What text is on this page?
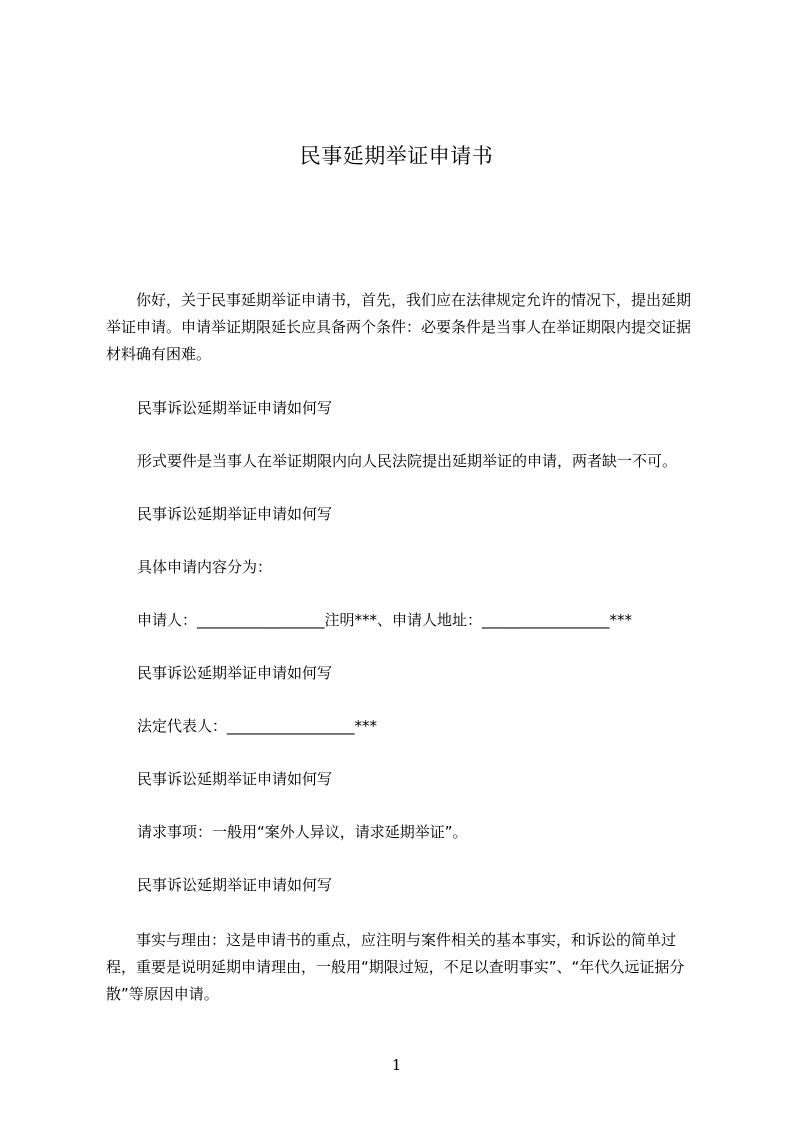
民事延期举证申请书
你好，关于民事延期举证申请书，首先，我们应在法律规定允许的情况下，提出延期举证申请。申请举证期限延长应具备两个条件：必要条件是当事人在举证期限内提交证据材料确有困难。
民事诉讼延期举证申请如何写
形式要件是当事人在举证期限内向人民法院提出延期举证的申请，两者缺一不可。
民事诉讼延期举证申请如何写
具体申请内容分为：
申请人：_________________注明***、申请人地址：_________________***
民事诉讼延期举证申请如何写
法定代表人：_________________***
民事诉讼延期举证申请如何写
请求事项：一般用“案外人异议，请求延期举证”。
民事诉讼延期举证申请如何写
事实与理由：这是申请书的重点，应注明与案件相关的基本事实，和诉讼的简单过程，重要是说明延期申请理由，一般用“期限过短，不足以查明事实”、“年代久远证据分散”等原因申请。
1
